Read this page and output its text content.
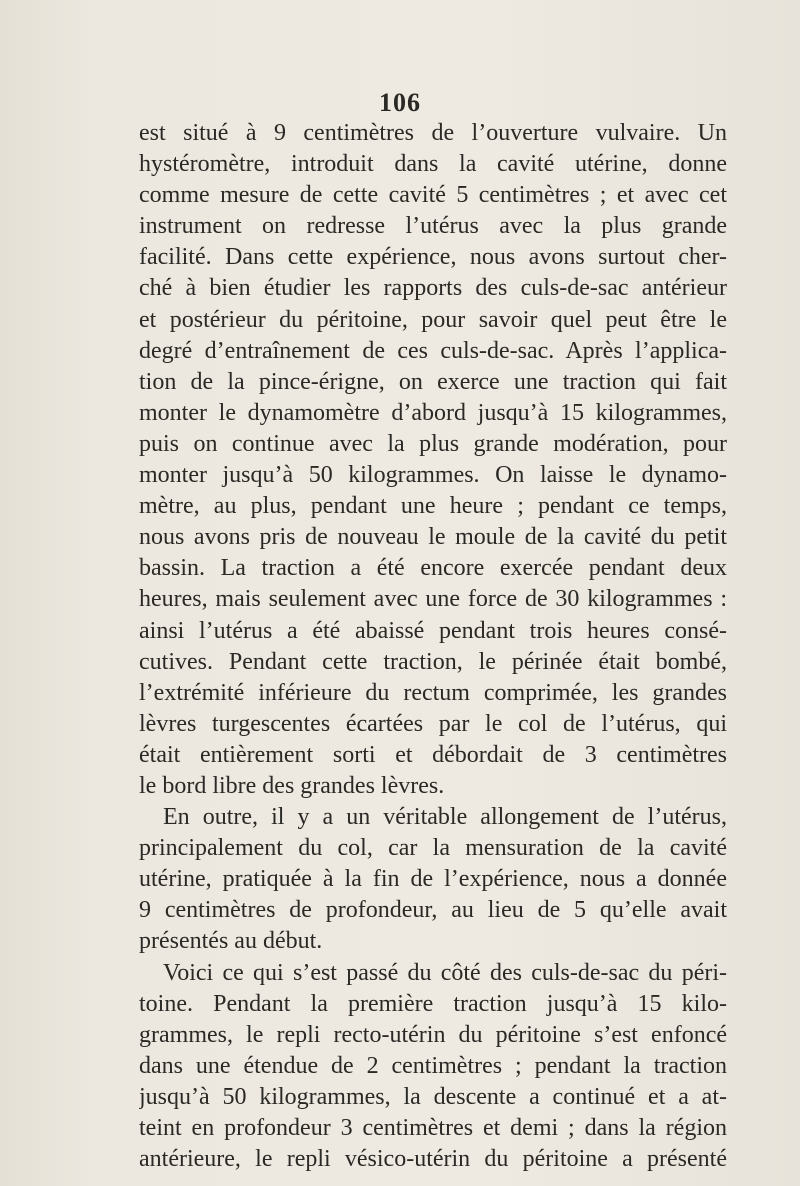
106
est situé à 9 centimètres de l’ouverture vulvaire. Un
hystéromètre, introduit dans la cavité utérine, donne
comme mesure de cette cavité 5 centimètres ; et avec cet
instrument on redresse l’utérus avec la plus grande
facilité. Dans cette expérience, nous avons surtout cher-
ché à bien étudier les rapports des culs-de-sac antérieur
et postérieur du péritoine, pour savoir quel peut être le
degré d’entraînement de ces culs-de-sac. Après l’applica-
tion de la pince-érigne, on exerce une traction qui fait
monter le dynamomètre d’abord jusqu’à 15 kilogrammes,
puis on continue avec la plus grande modération, pour
monter jusqu’à 50 kilogrammes. On laisse le dynamo-
mètre, au plus, pendant une heure ; pendant ce temps,
nous avons pris de nouveau le moule de la cavité du petit
bassin. La traction a été encore exercée pendant deux
heures, mais seulement avec une force de 30 kilogrammes :
ainsi l’utérus a été abaissé pendant trois heures consé-
cutives. Pendant cette traction, le périnée était bombé,
l’extrémité inférieure du rectum comprimée, les grandes
lèvres turgescentes écartées par le col de l’utérus, qui
était entièrement sorti et débordait de 3 centimètres
le bord libre des grandes lèvres.
En outre, il y a un véritable allongement de l’utérus,
principalement du col, car la mensuration de la cavité
utérine, pratiquée à la fin de l’expérience, nous a donnée
9 centimètres de profondeur, au lieu de 5 qu’elle avait
présentés au début.
Voici ce qui s’est passé du côté des culs-de-sac du péri-
toine. Pendant la première traction jusqu’à 15 kilo-
grammes, le repli recto-utérin du péritoine s’est enfoncé
dans une étendue de 2 centimètres ; pendant la traction
jusqu’à 50 kilogrammes, la descente a continué et a at-
teint en profondeur 3 centimètres et demi ; dans la région
antérieure, le repli vésico-utérin du péritoine a présenté
